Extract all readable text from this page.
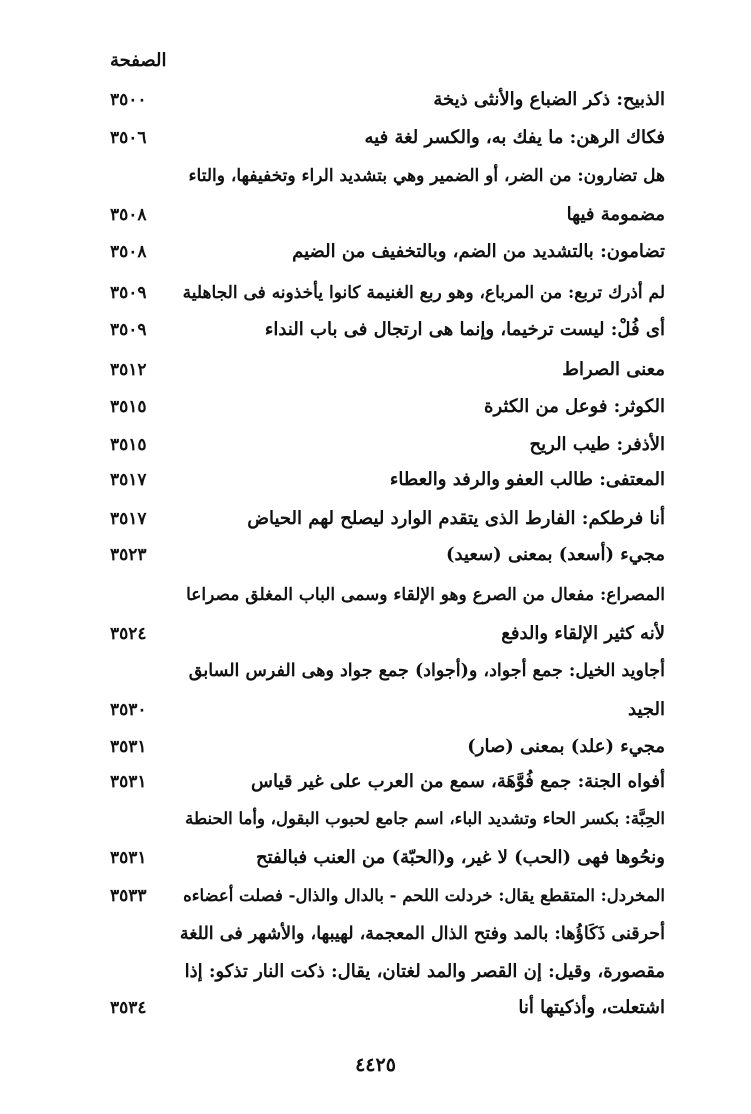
الصفحة
الذبيح: ذكر الضباع والأنثى ذيخة
٣٥٠٠
فكاك الرهن: ما يفك به، والكسر لغة فيه
٣٥٠٦
هل تضارون: من الضر، أو الضمير وهي بتشديد الراء وتخفيفها، والتاء
مضمومة فيها
٣٥٠٨
تضامون: بالتشديد من الضم، وبالتخفيف من الضيم
٣٥٠٨
لم أذرك تربع: من المرباع، وهو ربع الغنيمة كانوا يأخذونه فى الجاهلية
٣٥٠٩
أى فُلْ: ليست ترخيما، وإنما هى ارتجال فى باب النداء
٣٥٠٩
معنى الصراط
٣٥١٢
الكوثر: فوعل من الكثرة
٣٥١٥
الأذفر: طيب الريح
٣٥١٥
المعتفى: طالب العفو والرفد والعطاء
٣٥١٧
أنا فرطكم: الفارط الذى يتقدم الوارد ليصلح لهم الحياض
٣٥١٧
مجيء (أسعد) بمعنى (سعيد)
٣٥٢٣
المصراع: مفعال من الصرع وهو الإلقاء وسمى الباب المغلق مصراعا
لأنه كثير الإلقاء والدفع
٣٥٢٤
أجاويد الخيل: جمع أجواد، و(أجواد) جمع جواد وهى الفرس السابق
الجيد
٣٥٣٠
مجيء (علد) بمعنى (صار)
٣٥٣١
أفواه الجنة: جمع فُوَّهَة، سمع من العرب على غير قياس
٣٥٣١
الحِبَّة: بكسر الحاء وتشديد الباء، اسم جامع لحبوب البقول، وأما الحنطة
ونحُوها فهى (الحب) لا غير، و(الحبّة) من العنب فبالفتح
٣٥٣١
المخردل: المتقطع يقال: خردلت اللحم - بالدال والذال- فصلت أعضاءه
٣٥٣٣
أحرقنى ذَكَاؤُها: بالمد وفتح الذال المعجمة، لهيبها، والأشهر فى اللغة
مقصورة، وقيل: إن القصر والمد لغتان، يقال: ذكت النار تذكو: إذا
اشتعلت، وأذكيتها أنا
٣٥٣٤
٤٤٢٥
